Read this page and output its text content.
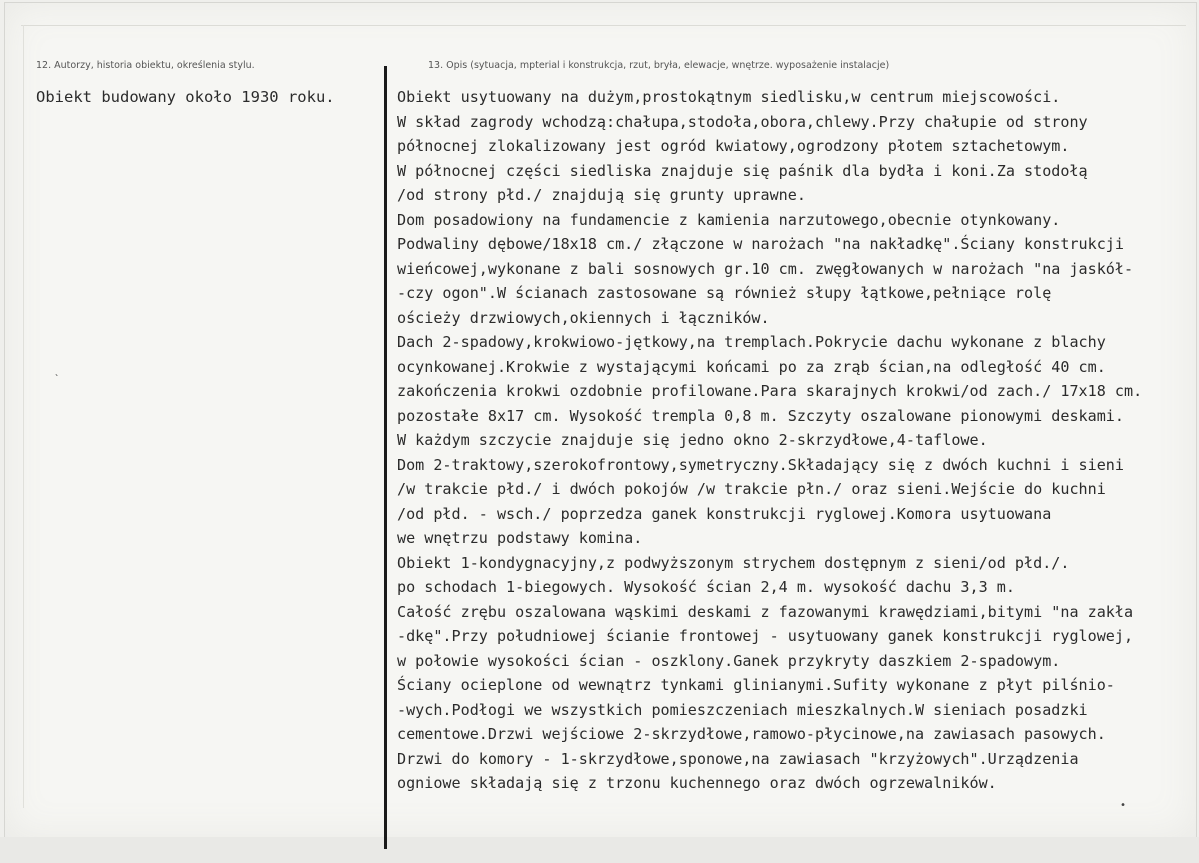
12. Autorzy, historia obiektu, określenia stylu.	13. Opis (sytuacja, mpterial i konstrukcja, rzut, bryła, elewacje, wnętrze. wyposażenie instalacje)
Obiekt budowany około 1930 roku.	Obiekt usytuowany na dużym,prostokątnym siedlisku,w centrum miejscowości.
W skład zagrody wchodzą:chałupa,stodoła,obora,chlewy.Przy chałupie od strony
północnej zlokalizowany jest ogród kwiatowy,ogrodzony płotem sztachetowym.
W północnej części siedliska znajduje się paśnik dla bydła i koni.Za stodołą
/od strony płd./ znajdują się grunty uprawne.
Dom posadowiony na fundamencie z kamienia narzutowego,obecnie otynkowany.
Podwaliny dębowe/18x18 cm./ złączone w narożach "na nakładkę".Ściany konstrukcji
wieńcowej,wykonane z bali sosnowych gr.10 cm. zwęgłowanych w narożach "na jaskół-
-czy ogon".W ścianach zastosowane są również słupy łątkowe,pełniące rolę
ościeży drzwiowych,okiennych i łączników.
Dach 2-spadowy,krokwiowo-jętkowy,na tremplach.Pokrycie dachu wykonane z blachy
ocynkowanej.Krokwie z wystającymi końcami po za zrąb ścian,na odległość 40 cm.
zakończenia krokwi ozdobnie profilowane.Para skarajnych krokwi/od zach./ 17x18 cm.
pozostałe 8x17 cm. Wysokość trempla 0,8 m. Szczyty oszalowane pionowymi deskami.
W każdym szczycie znajduje się jedno okno 2-skrzydłowe,4-taflowe.
Dom 2-traktowy,szerokofrontowy,symetryczny.Składający się z dwóch kuchni i sieni
/w trakcie płd./ i dwóch pokojów /w trakcie płn./ oraz sieni.Wejście do kuchni
/od płd. - wsch./ poprzedza ganek konstrukcji ryglowej.Komora usytuowana
we wnętrzu podstawy komina.
Obiekt 1-kondygnacyjny,z podwyższonym strychem dostępnym z sieni/od płd./.
po schodach 1-biegowych. Wysokość ścian 2,4 m. wysokość dachu 3,3 m.
Całość zrębu oszalowana wąskimi deskami z fazowanymi krawędziami,bitymi "na zakła
-dkę".Przy południowej ścianie frontowej - usytuowany ganek konstrukcji ryglowej,
w połowie wysokości ścian - oszklony.Ganek przykryty daszkiem 2-spadowym.
Ściany ocieplone od wewnątrz tynkami glinianymi.Sufity wykonane z płyt pilśnio-
-wych.Podłogi we wszystkich pomieszczeniach mieszkalnych.W sieniach posadzki
cementowe.Drzwi wejściowe 2-skrzydłowe,ramowo-płycinowe,na zawiasach pasowych.
Drzwi do komory - 1-skrzydłowe,sponowe,na zawiasach "krzyżowych".Urządzenia
ogniowe składają się z trzonu kuchennego oraz dwóch ogrzewalników.
`
•
